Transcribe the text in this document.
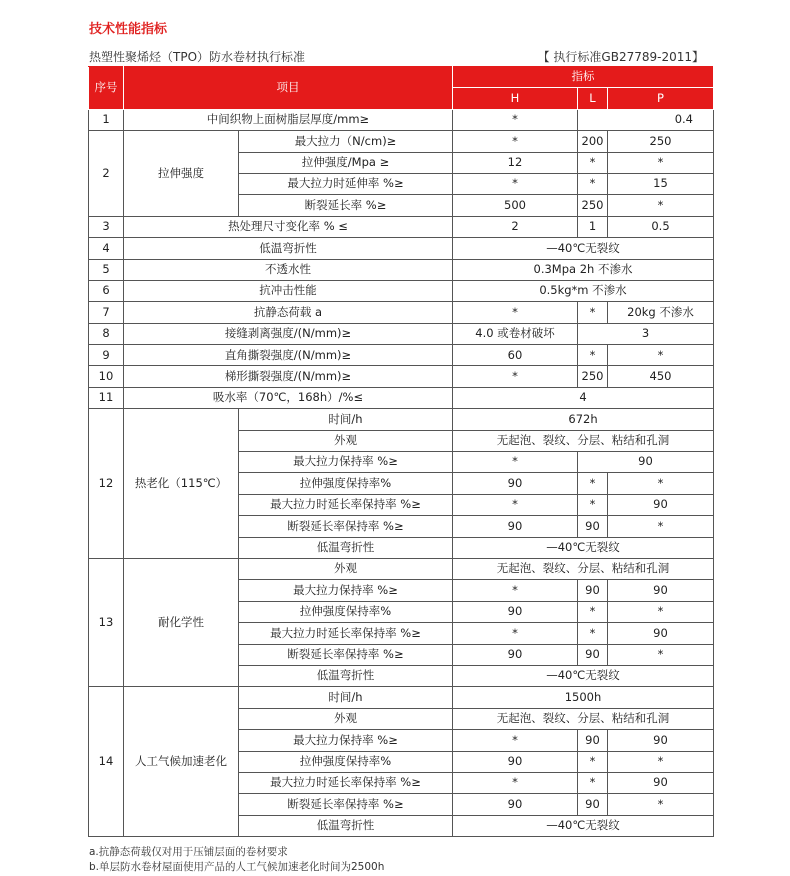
技术性能指标
热塑性聚烯烃（TPO）防水卷材执行标准	【 执行标准GB27789-2011】
序号	项目		指标		
			H	L	P
1	中间织物上面树脂层厚度/mm≥		*	0.4	
2	拉伸强度	最大拉力（N/cm)≥	*	200	250
		拉伸强度/Mpa ≥	12	*	*
		最大拉力时延伸率 %≥	*	*	15
		断裂延长率 %≥	500	250	*
3	热处理尺寸变化率 % ≤		2	1	0.5
4	低温弯折性		—40℃无裂纹		
5	不透水性		0.3Mpa 2h 不渗水		
6	抗冲击性能		0.5kg*m 不渗水		
7	抗静态荷载 a		*	*	20kg 不渗水
8	接缝剥离强度/(N/mm)≥		4.0 或卷材破坏	3	
9	直角撕裂强度/(N/mm)≥		60	*	*
10	梯形撕裂强度/(N/mm)≥		*	250	450
11	吸水率（70℃，168h）/%≤		4		
12	热老化（115℃）	时间/h	672h		
		外观	无起泡、裂纹、分层、粘结和孔洞		
		最大拉力保持率 %≥	*	90	
		拉伸强度保持率%	90	*	*
		最大拉力时延长率保持率 %≥	*	*	90
		断裂延长率保持率 %≥	90	90	*
		低温弯折性	—40℃无裂纹		
13	耐化学性	外观	无起泡、裂纹、分层、粘结和孔洞		
		最大拉力保持率 %≥	*	90	90
		拉伸强度保持率%	90	*	*
		最大拉力时延长率保持率 %≥	*	*	90
		断裂延长率保持率 %≥	90	90	*
		低温弯折性	—40℃无裂纹		
14	人工气候加速老化	时间/h	1500h		
		外观	无起泡、裂纹、分层、粘结和孔洞		
		最大拉力保持率 %≥	*	90	90
		拉伸强度保持率%	90	*	*
		最大拉力时延长率保持率 %≥	*	*	90
		断裂延长率保持率 %≥	90	90	*
		低温弯折性	—40℃无裂纹		
a.抗静态荷载仅对用于压铺层面的卷材要求
b.单层防水卷材屋面使用产品的人工气候加速老化时间为2500h
